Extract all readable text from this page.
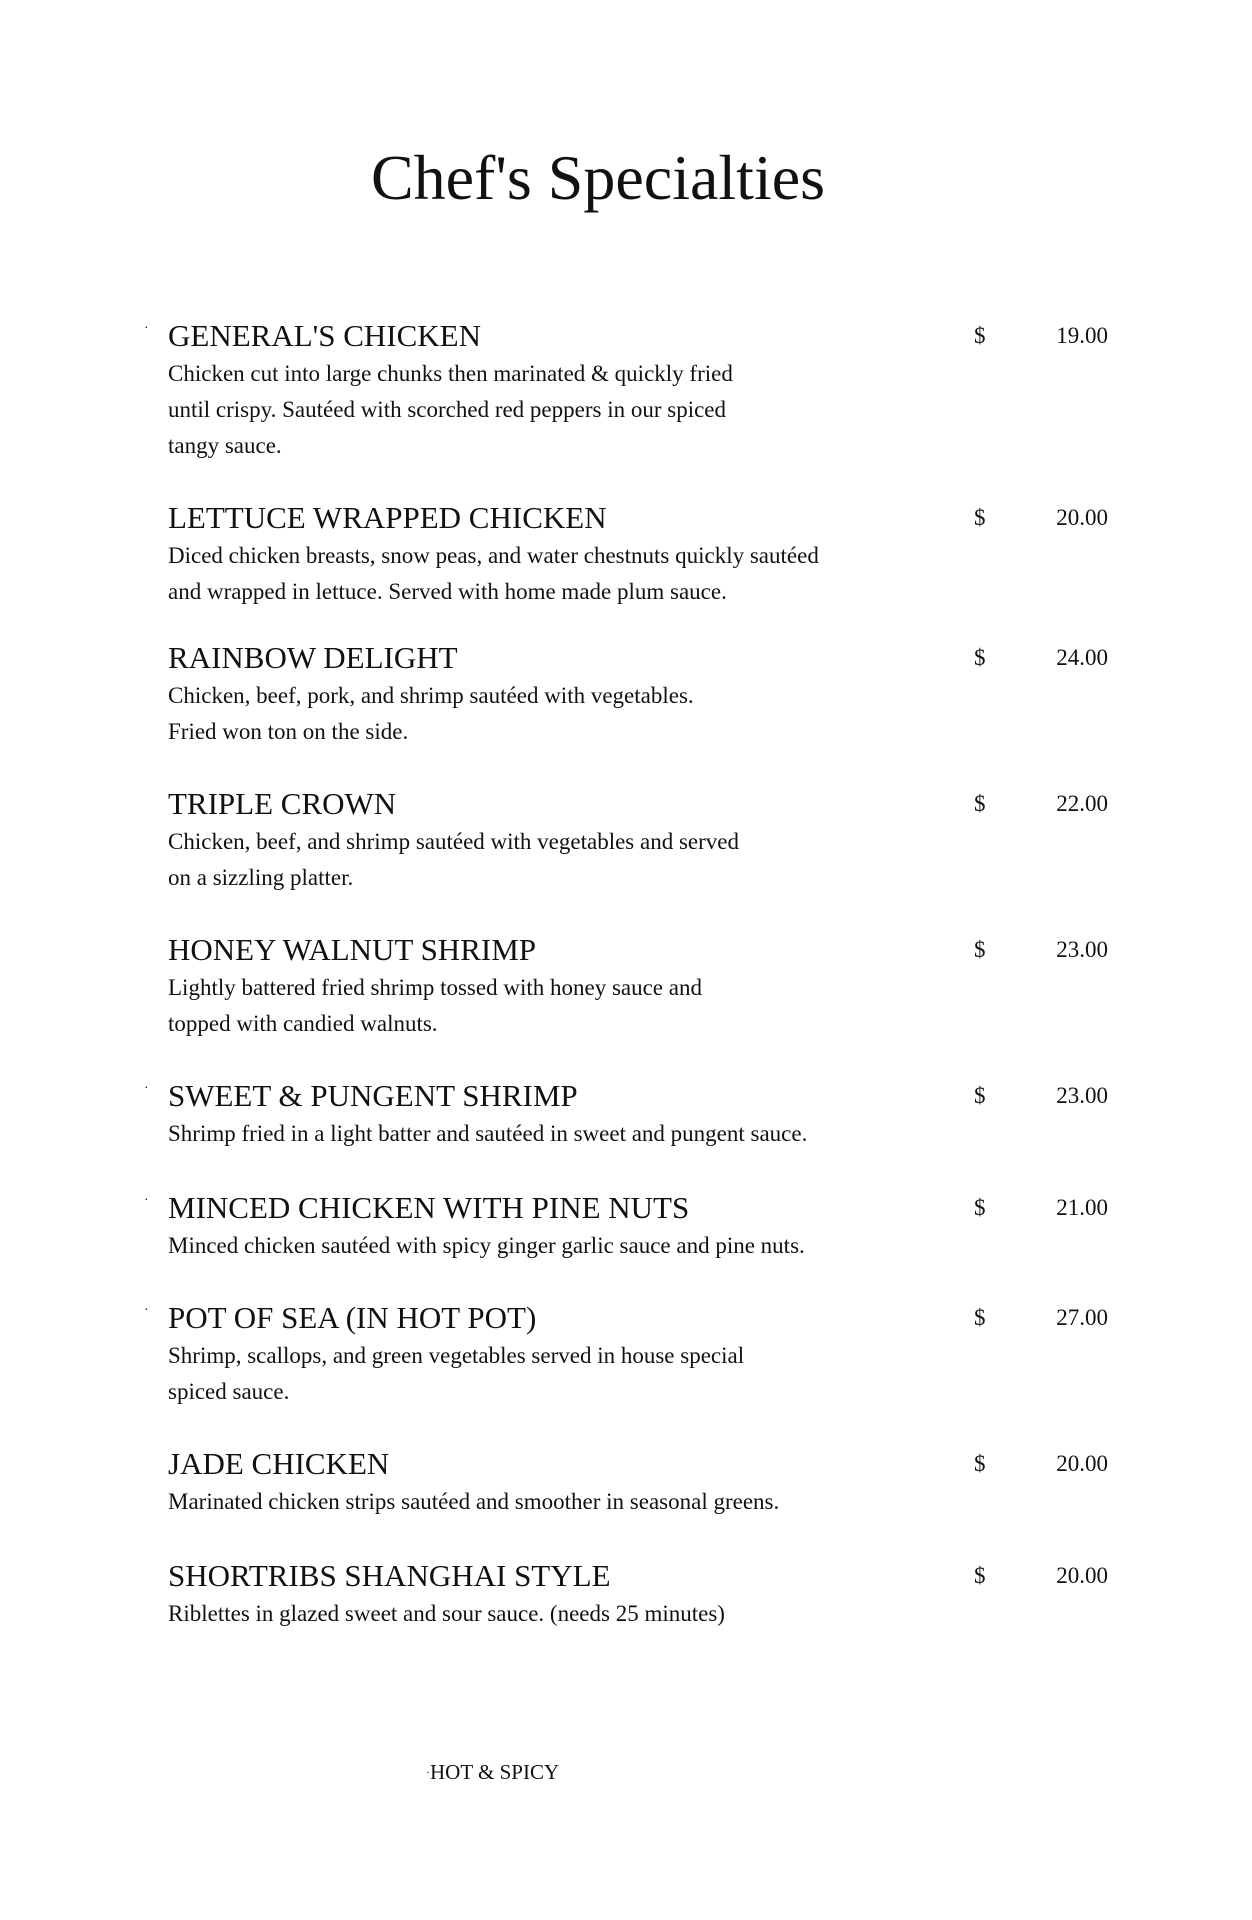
Chef's Specialties
GENERAL'S CHICKEN
Chicken cut into large chunks then marinated & quickly fried
until crispy. Sautéed with scorched red peppers in our spiced
tangy sauce.
$	19.00
·
LETTUCE WRAPPED CHICKEN
Diced chicken breasts, snow peas, and water chestnuts quickly sautéed
and wrapped in lettuce. Served with home made plum sauce.
$	20.00
RAINBOW DELIGHT
Chicken, beef, pork, and shrimp sautéed with vegetables.
Fried won ton on the side.
$	24.00
TRIPLE CROWN
Chicken, beef, and shrimp sautéed with vegetables and served
on a sizzling platter.
$	22.00
HONEY WALNUT SHRIMP
Lightly battered fried shrimp tossed with honey sauce and
topped with candied walnuts.
$	23.00
SWEET & PUNGENT SHRIMP
Shrimp fried in a light batter and sautéed in sweet and pungent sauce.
$	23.00
·
MINCED CHICKEN WITH PINE NUTS
Minced chicken sautéed with spicy ginger garlic sauce and pine nuts.
$	21.00
·
POT OF SEA (IN HOT POT)
Shrimp, scallops, and green vegetables served in house special
spiced sauce.
$	27.00
·
JADE CHICKEN
Marinated chicken strips sautéed and smoother in seasonal greens.
$	20.00
SHORTRIBS SHANGHAI STYLE
Riblettes in glazed sweet and sour sauce. (needs 25 minutes)
$	20.00
·HOT & SPICY
